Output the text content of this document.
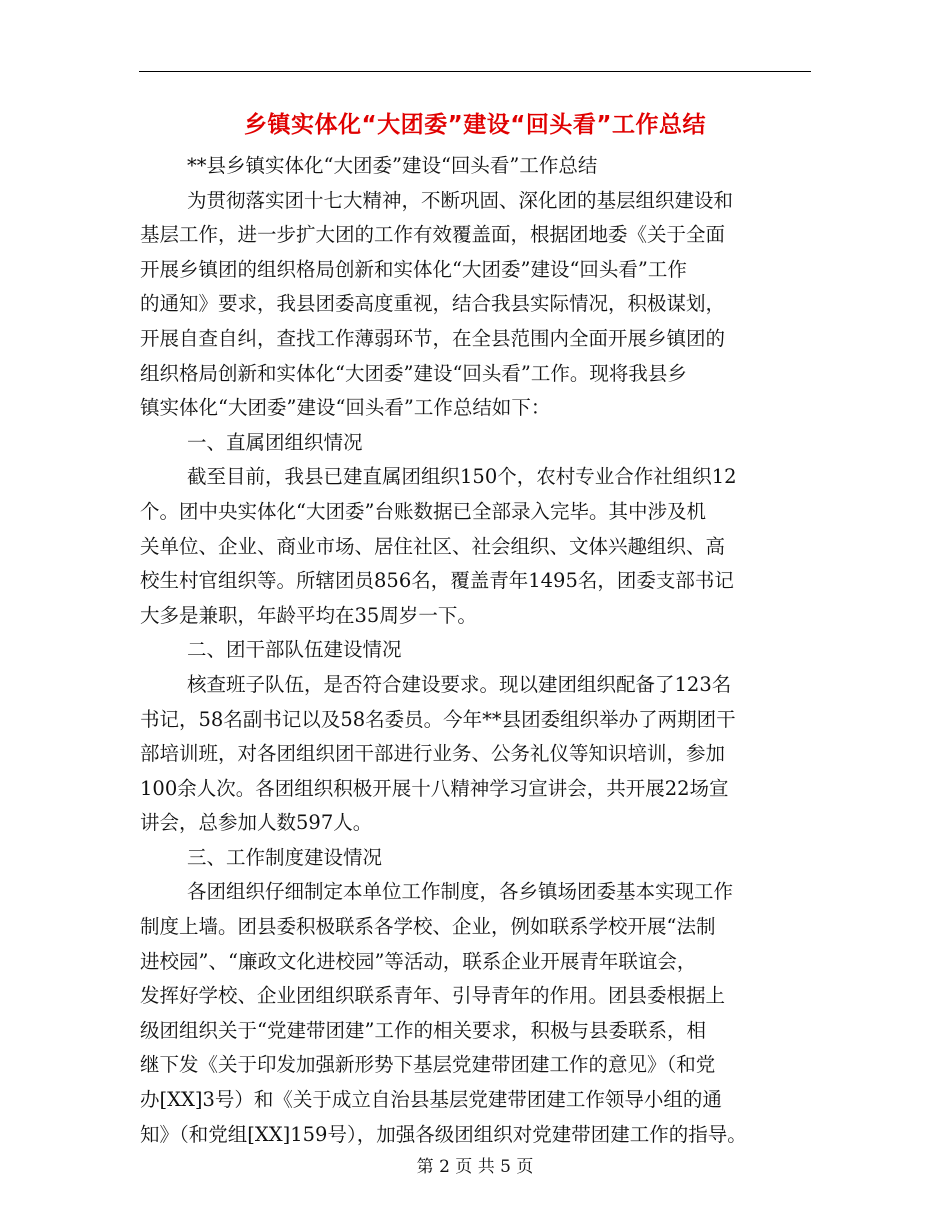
乡镇实体化“大团委”建设“回头看”工作总结
**县乡镇实体化“大团委”建设“回头看”工作总结
为贯彻落实团十七大精神，不断巩固、深化团的基层组织建设和
基层工作，进一步扩大团的工作有效覆盖面，根据团地委《关于全面
开展乡镇团的组织格局创新和实体化“大团委”建设“回头看”工作
的通知》要求，我县团委高度重视，结合我县实际情况，积极谋划，
开展自查自纠，查找工作薄弱环节，在全县范围内全面开展乡镇团的
组织格局创新和实体化“大团委”建设“回头看”工作。现将我县乡
镇实体化“大团委”建设“回头看”工作总结如下：
一、直属团组织情况
截至目前，我县已建直属团组织150个，农村专业合作社组织12
个。团中央实体化“大团委”台账数据已全部录入完毕。其中涉及机
关单位、企业、商业市场、居住社区、社会组织、文体兴趣组织、高
校生村官组织等。所辖团员856名，覆盖青年1495名，团委支部书记
大多是兼职，年龄平均在35周岁一下。
二、团干部队伍建设情况
核查班子队伍，是否符合建设要求。现以建团组织配备了123名
书记，58名副书记以及58名委员。今年**县团委组织举办了两期团干
部培训班，对各团组织团干部进行业务、公务礼仪等知识培训，参加
100余人次。各团组织积极开展十八精神学习宣讲会，共开展22场宣
讲会，总参加人数597人。
三、工作制度建设情况
各团组织仔细制定本单位工作制度，各乡镇场团委基本实现工作
制度上墙。团县委积极联系各学校、企业，例如联系学校开展“法制
进校园”、“廉政文化进校园”等活动，联系企业开展青年联谊会，
发挥好学校、企业团组织联系青年、引导青年的作用。团县委根据上
级团组织关于“党建带团建”工作的相关要求，积极与县委联系，相
继下发《关于印发加强新形势下基层党建带团建工作的意见》（和党
办[XX]3号）和《关于成立自治县基层党建带团建工作领导小组的通
知》（和党组[XX]159号），加强各级团组织对党建带团建工作的指导。
第 2 页 共 5 页
